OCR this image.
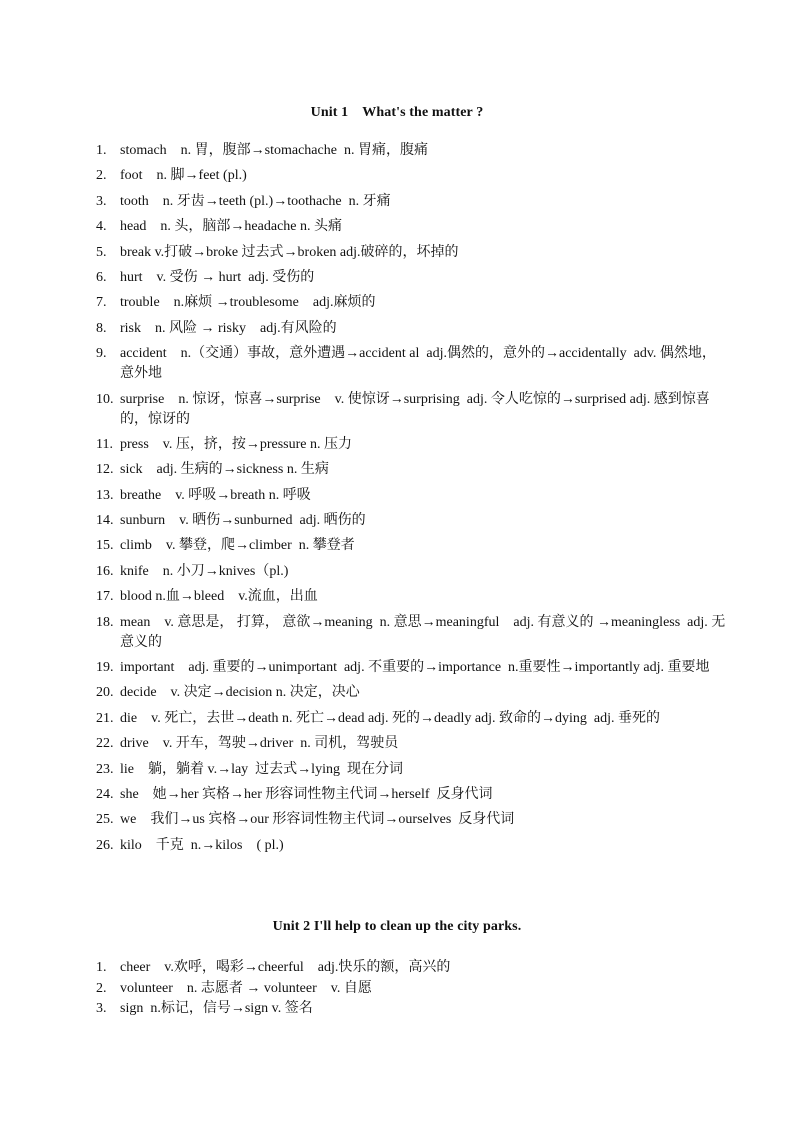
Unit 1　What's the matter ?
1. stomach　n. 胃，腹部→stomachache  n. 胃痛，腹痛
2. foot　n. 脚→feet (pl.)
3. tooth　n. 牙齿→teeth (pl.)→toothache  n. 牙痛
4. head　n. 头，脑部→headache n. 头痛
5. break v.打破→broke 过去式→broken adj.破碎的，坏掉的
6. hurt　v. 受伤 → hurt  adj. 受伤的
7. trouble　n.麻烦 →troublesome　adj.麻烦的
8. risk　n. 风险 → risky　adj.有风险的
9. accident　n.（交通）事故，意外遭遇→accident al  adj.偶然的，意外的→accidentally  adv. 偶然地，意外地
10. surprise　n. 惊讶，惊喜→surprise　v. 使惊讶→surprising  adj. 令人吃惊的→surprised adj. 感到惊喜的，惊讶的
11. press　v. 压，挤，按→pressure n. 压力
12. sick　adj. 生病的→sickness n. 生病
13. breathe　v. 呼吸→breath n. 呼吸
14. sunburn　v. 晒伤→sunburned  adj. 晒伤的
15. climb　v. 攀登，爬→climber  n. 攀登者
16. knife　n. 小刀→knives（pl.)
17. blood n.血→bleed　v.流血，出血
18. mean　v. 意思是， 打算， 意欲→meaning  n. 意思→meaningful　adj. 有意义的 →meaningless  adj. 无意义的
19. important　adj. 重要的→unimportant  adj. 不重要的→importance  n.重要性→importantly adj. 重要地
20. decide　v. 决定→decision n. 决定，决心
21. die　v. 死亡，去世→death n. 死亡→dead adj. 死的→deadly adj. 致命的→dying  adj. 垂死的
22. drive　v. 开车，驾驶→driver  n. 司机，驾驶员
23. lie　躺，躺着 v.→lay  过去式→lying  现在分词
24. she　她→her 宾格→her 形容词性物主代词→herself  反身代词
25. we　我们→us 宾格→our 形容词性物主代词→ourselves  反身代词
26. kilo　千克  n.→kilos　( pl.)
Unit 2 I'll help to clean up the city parks.
1. cheer　v.欢呼，喝彩→cheerful　adj.快乐的额，高兴的
2. volunteer　n. 志愿者 → volunteer　v. 自愿
3. sign  n.标记，信号→sign v. 签名
